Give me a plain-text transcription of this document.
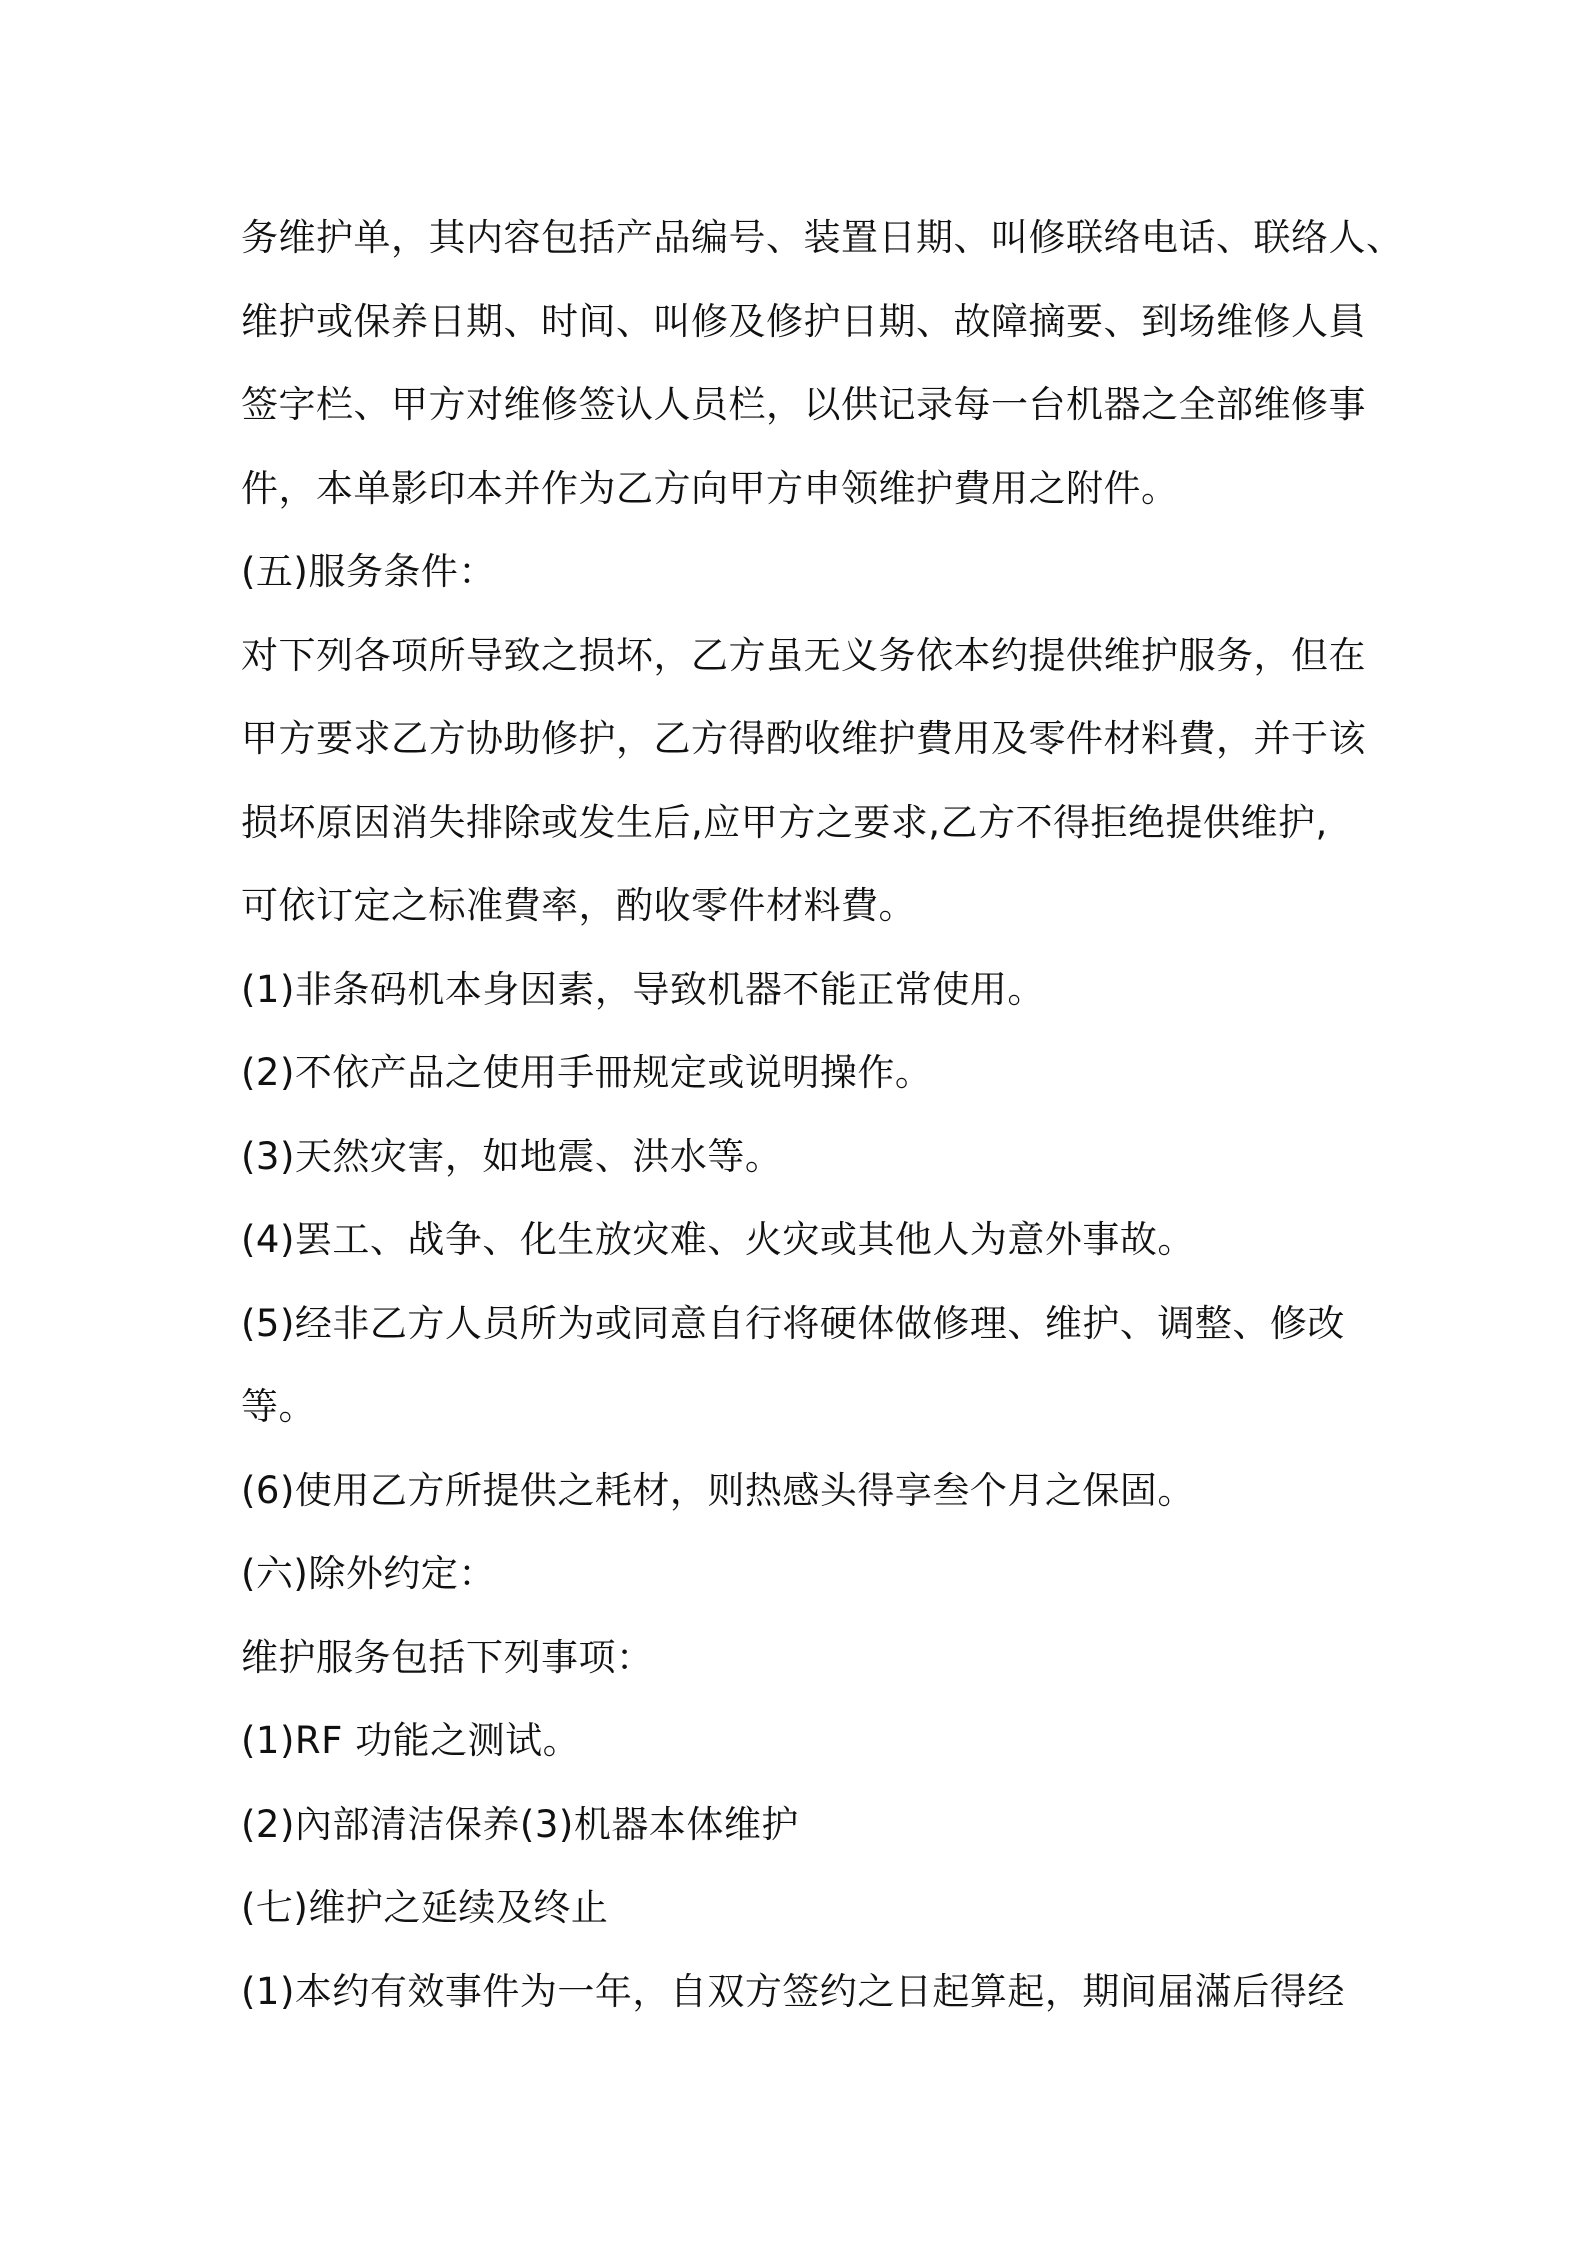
务维护单，其内容包括产品编号、装置日期、叫修联络电话、联络人、
维护或保养日期、时间、叫修及修护日期、故障摘要、到场维修人員
签字栏、甲方对维修签认人员栏，以供记录每一台机器之全部维修事
件，本单影印本并作为乙方向甲方申领维护費用之附件。
(五)服务条件：
对下列各项所导致之损坏，乙方虽无义务依本约提供维护服务，但在
甲方要求乙方协助修护，乙方得酌收维护費用及零件材料費，并于该
损坏原因消失排除或发生后,应甲方之要求,乙方不得拒绝提供维护,
可依订定之标准費率，酌收零件材料費。
(1)非条码机本身因素，导致机器不能正常使用。
(2)不依产品之使用手冊规定或说明操作。
(3)天然灾害，如地震、洪水等。
(4)罢工、战争、化生放灾难、火灾或其他人为意外事故。
(5)经非乙方人员所为或同意自行将硬体做修理、维护、调整、修改
等。
(6)使用乙方所提供之耗材，则热感头得享叁个月之保固。
(六)除外约定：
维护服务包括下列事项：
(1)RF 功能之测试。
(2)內部清洁保养(3)机器本体维护
(七)维护之延续及终止
(1)本约有效事件为一年，自双方签约之日起算起，期间届滿后得经
